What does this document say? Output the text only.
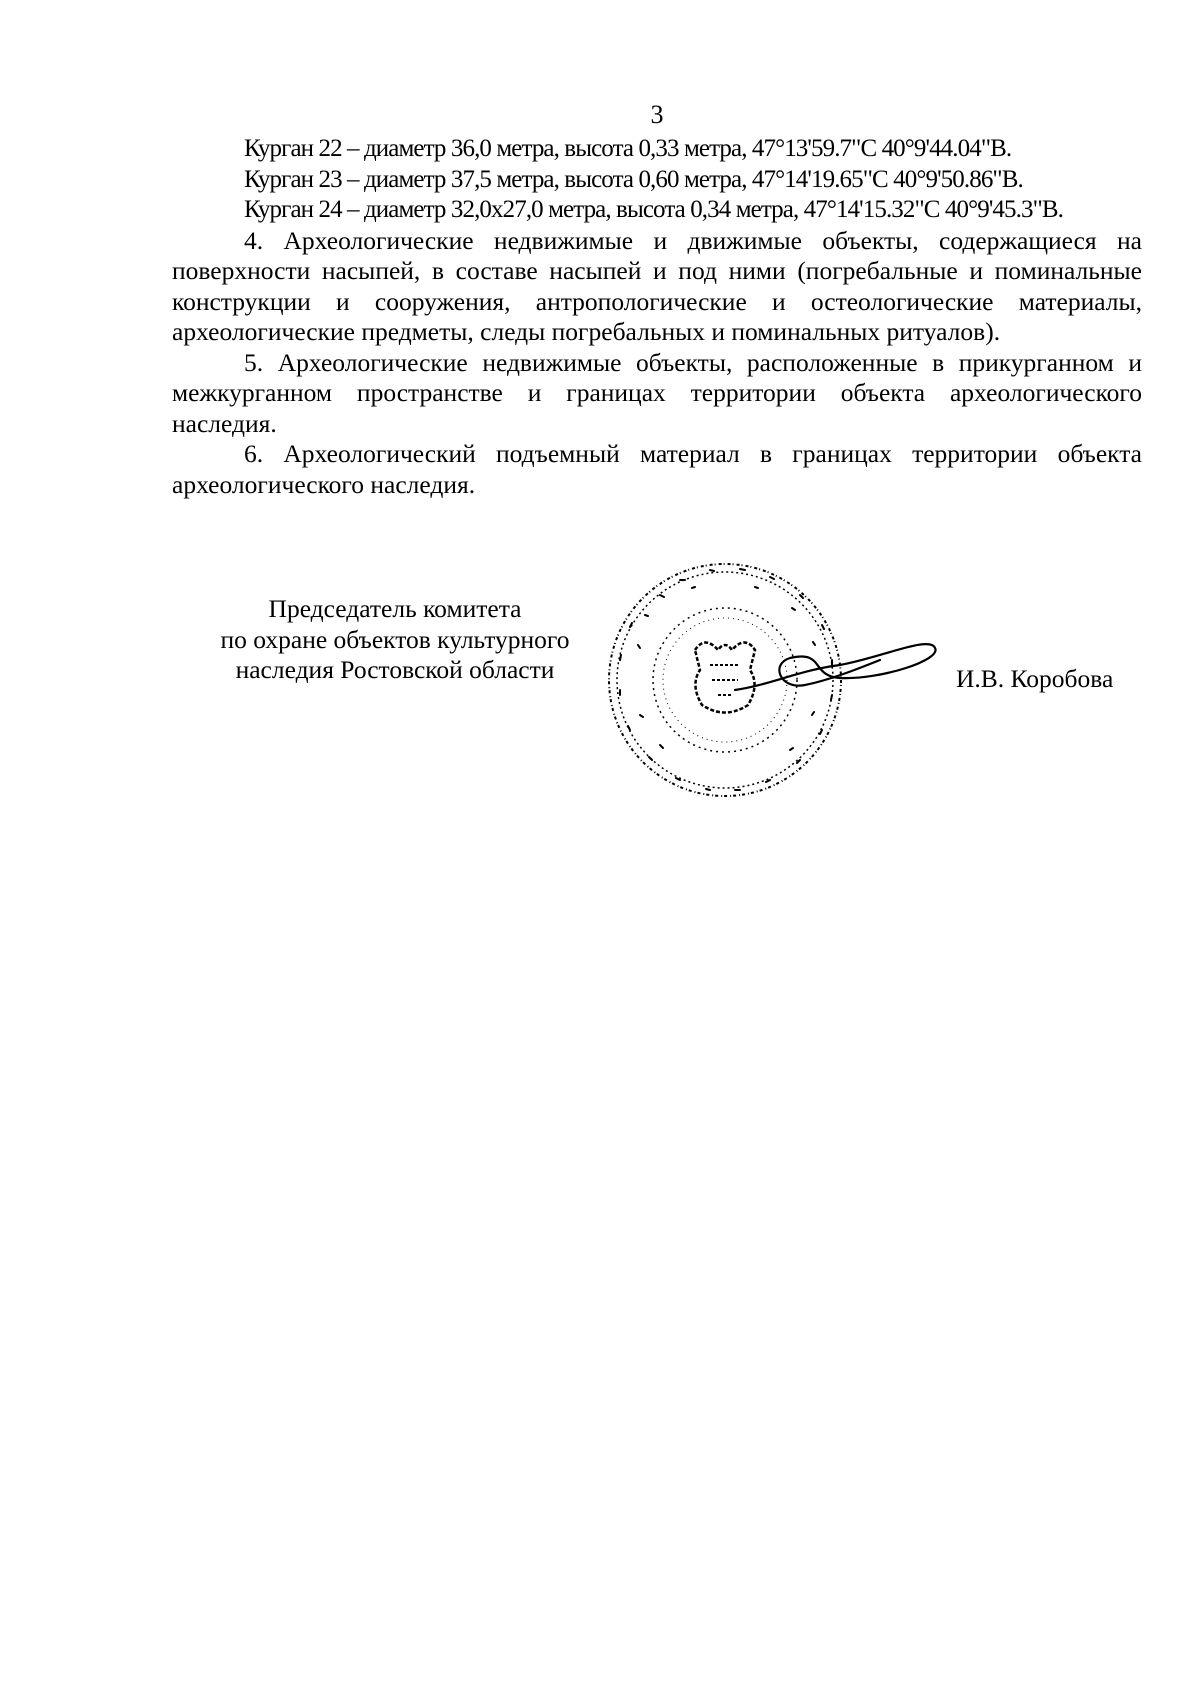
3

Курган 22 – диаметр 36,0 метра, высота 0,33 метра, 47°13'59.7"С 40°9'44.04"В.

Курган 23 – диаметр 37,5 метра, высота 0,60 метра, 47°14'19.65"С 40°9'50.86"В.

Курган 24 – диаметр 32,0х27,0 метра, высота 0,34 метра, 47°14'15.32"С 40°9'45.3"В.

4. Археологические недвижимые и движимые объекты, содержащиеся на поверхности насыпей, в составе насыпей и под ними (погребальные и поминальные конструкции и сооружения, антропологические и остеологические материалы, археологические предметы, следы погребальных и поминальных ритуалов).

5. Археологические недвижимые объекты, расположенные в прикурганном и межкурганном пространстве и границах территории объекта археологического наследия.

6. Археологический подъемный материал в границах территории объекта археологического наследия.

Председатель комитета
по охране объектов культурного
наследия Ростовской области	И.В. Коробова
